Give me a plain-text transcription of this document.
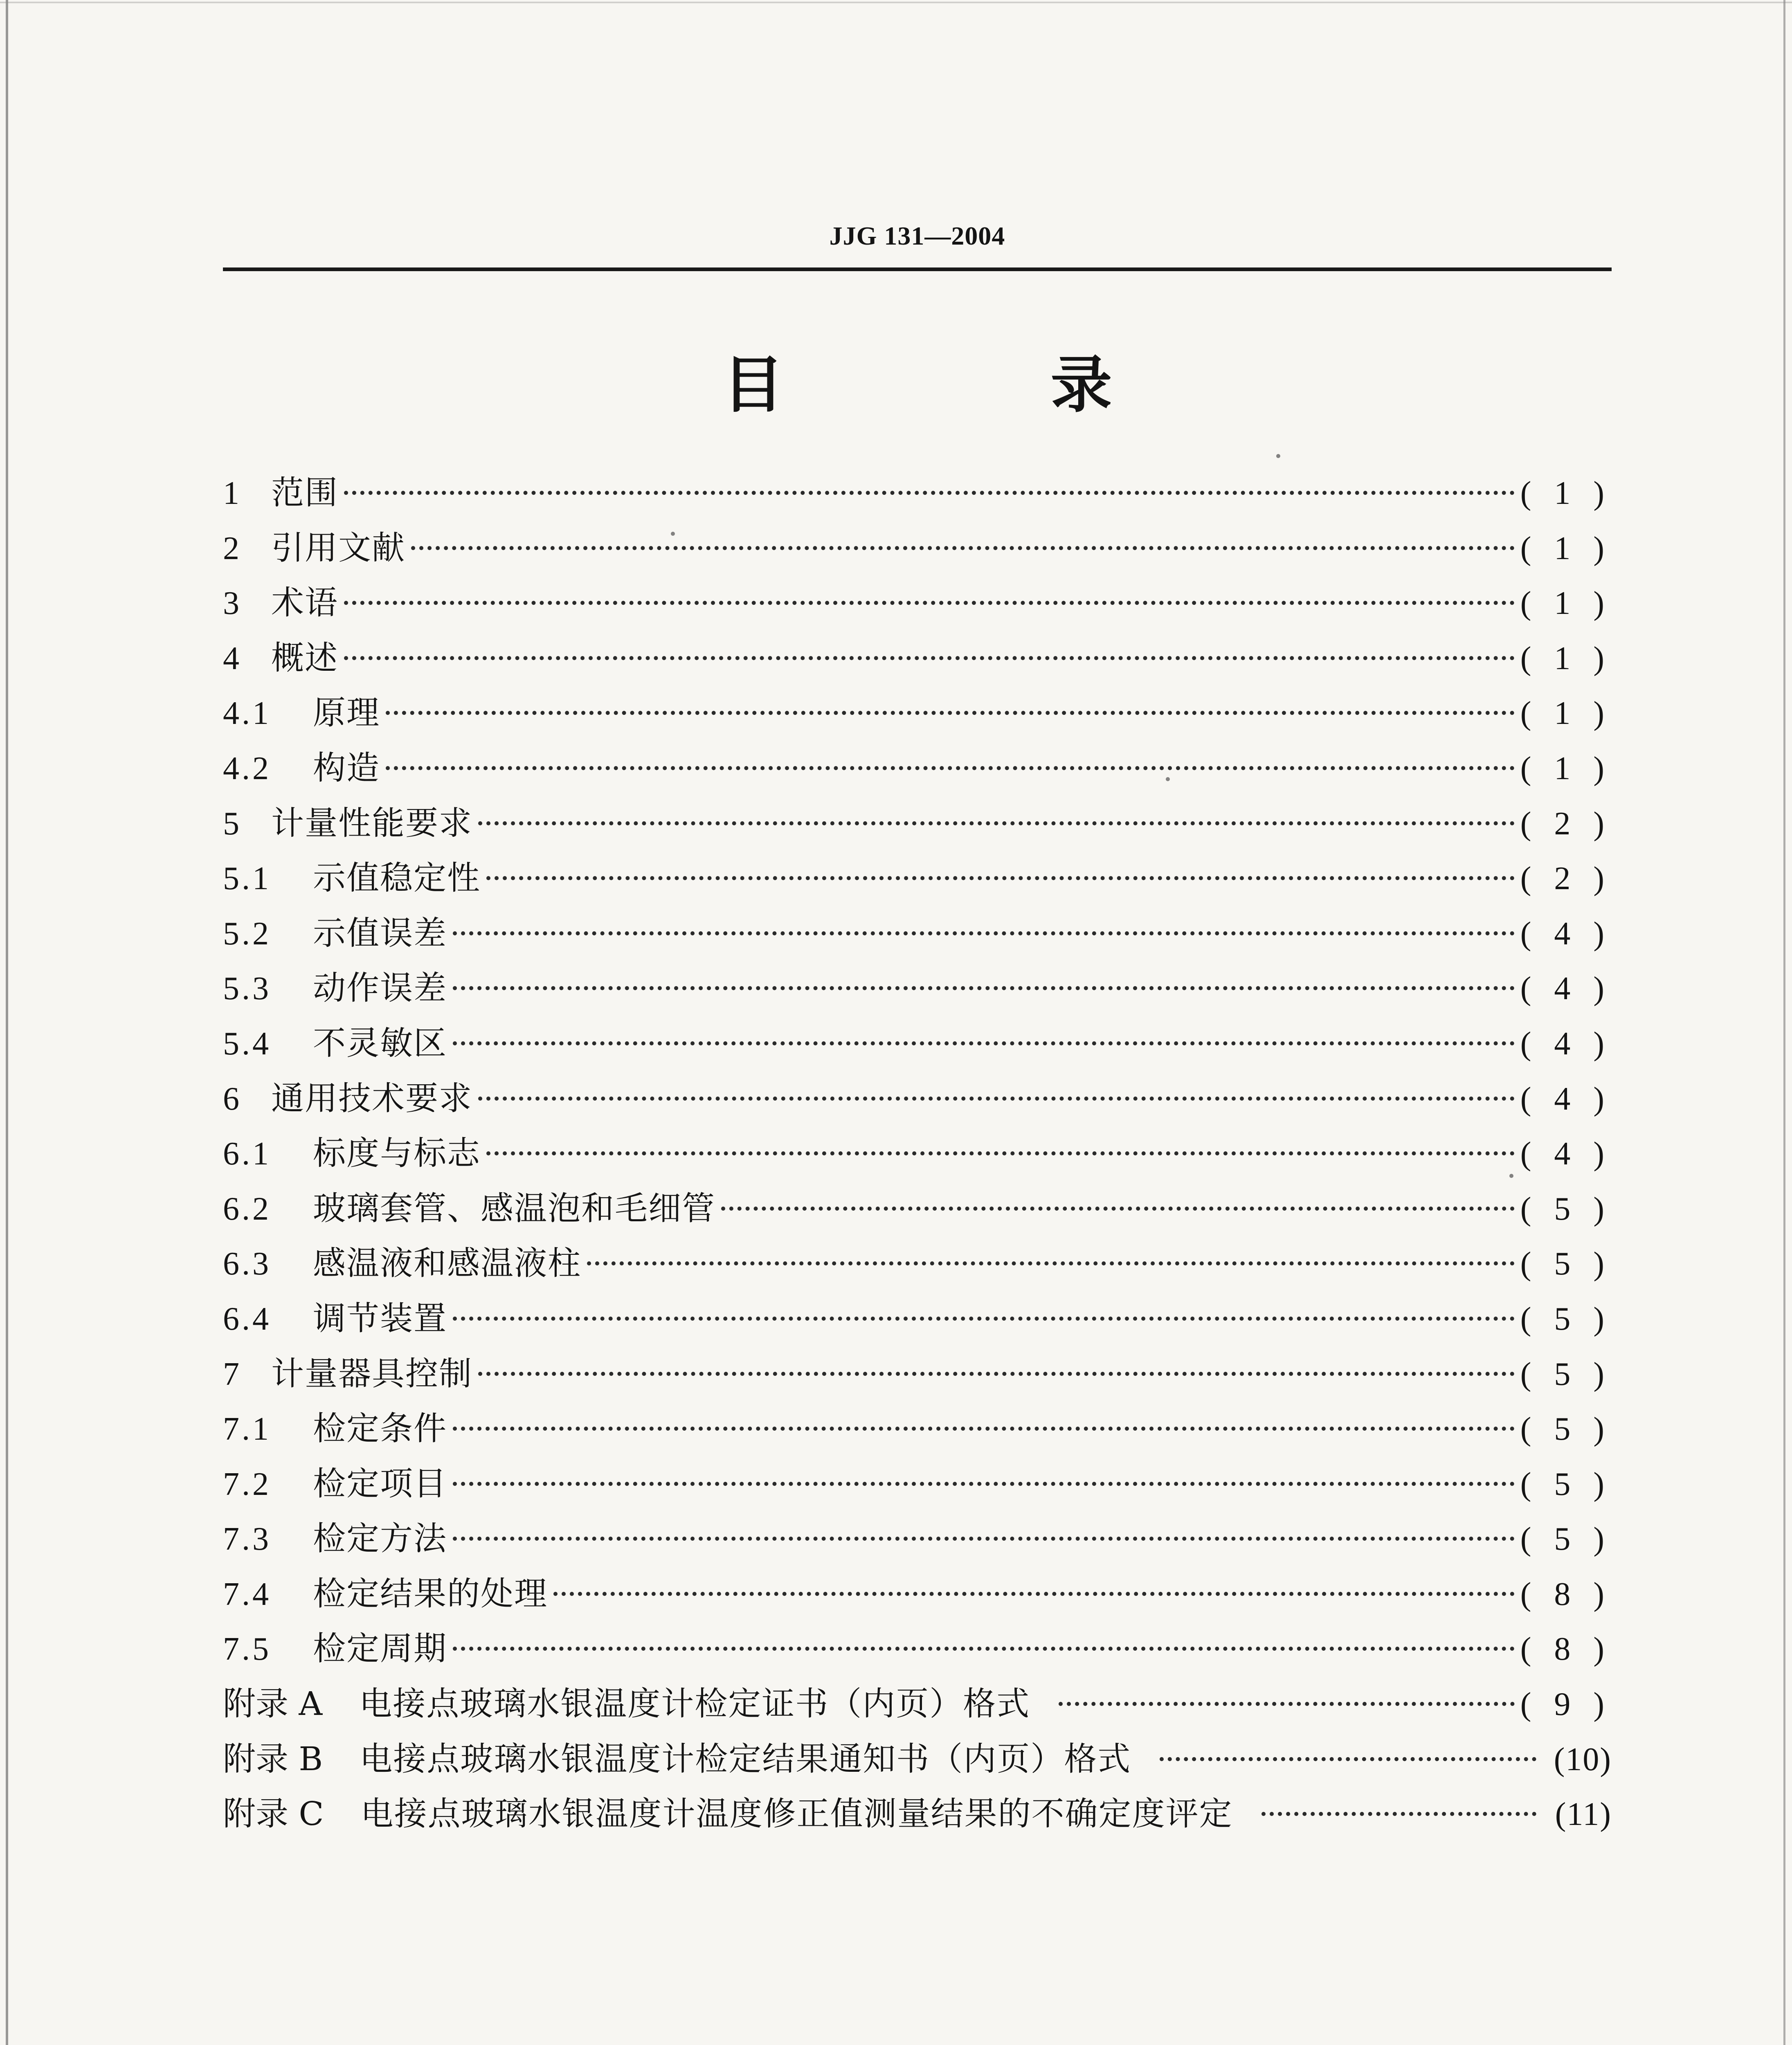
JJG 131—2004
目 录
1 范围	( 1 )
2 引用文献	( 1 )
3 术语	( 1 )
4 概述	( 1 )
4.1	原理	( 1 )
4.2	构造	( 1 )
5 计量性能要求	( 2 )
5.1	示值稳定性	( 2 )
5.2	示值误差	( 4 )
5.3	动作误差	( 4 )
5.4	不灵敏区	( 4 )
6 通用技术要求	( 4 )
6.1	标度与标志	( 4 )
6.2	玻璃套管、感温泡和毛细管	( 5 )
6.3	感温液和感温液柱	( 5 )
6.4	调节装置	( 5 )
7 计量器具控制	( 5 )
7.1	检定条件	( 5 )
7.2	检定项目	( 5 )
7.3	检定方法	( 5 )
7.4	检定结果的处理	( 8 )
7.5	检定周期	( 8 )
附录 A 电接点玻璃水银温度计检定证书（内页）格式	( 9 )
附录 B 电接点玻璃水银温度计检定结果通知书（内页）格式	(10)
附录 C 电接点玻璃水银温度计温度修正值测量结果的不确定度评定	(11)
